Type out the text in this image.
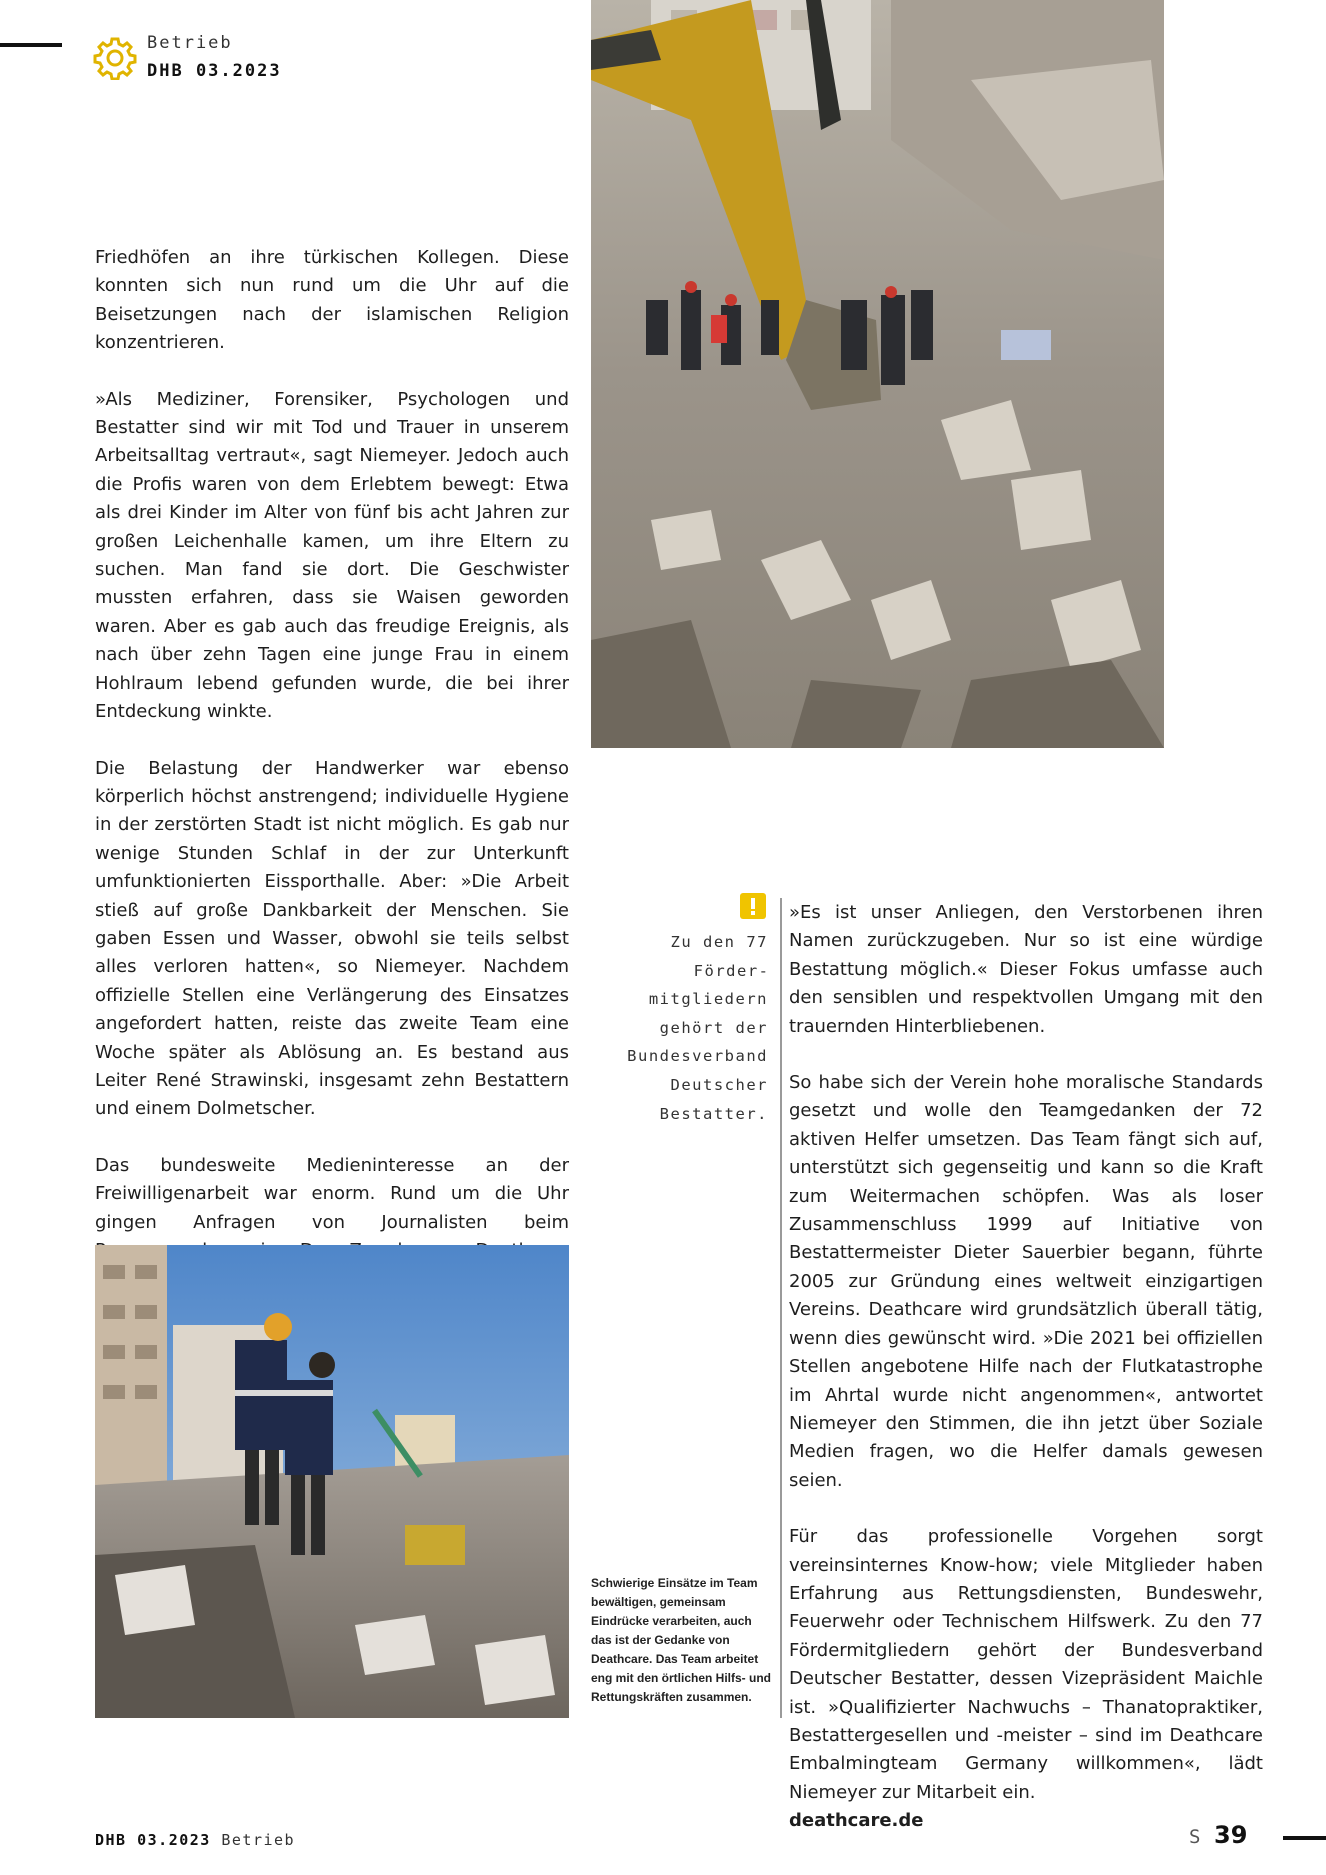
Betrieb
DHB 03.2023

Friedhöfen an ihre türkischen Kollegen. Diese konnten sich nun rund um die Uhr auf die Beisetzungen nach der islamischen Religion konzentrieren.

»Als Mediziner, Forensiker, Psychologen und Bestatter sind wir mit Tod und Trauer in unserem Arbeitsalltag vertraut«, sagt Niemeyer. Jedoch auch die Profis waren von dem Erlebtem bewegt: Etwa als drei Kinder im Alter von fünf bis acht Jahren zur großen Leichenhalle kamen, um ihre Eltern zu suchen. Man fand sie dort. Die Geschwister mussten erfahren, dass sie Waisen geworden waren. Aber es gab auch das freudige Ereignis, als nach über zehn Tagen eine junge Frau in einem Hohlraum lebend gefunden wurde, die bei ihrer Entdeckung winkte.

Die Belastung der Handwerker war ebenso körperlich höchst anstrengend; individuelle Hygiene in der zerstörten Stadt ist nicht möglich. Es gab nur wenige Stunden Schlaf in der zur Unterkunft umfunktionierten Eissporthalle. Aber: »Die Arbeit stieß auf große Dankbarkeit der Menschen. Sie gaben Essen und Wasser, obwohl sie teils selbst alles verloren hatten«, so Niemeyer. Nachdem offizielle Stellen eine Verlängerung des Einsatzes angefordert hatten, reiste das zweite Team eine Woche später als Ablösung an. Es bestand aus Leiter René Strawinski, insgesamt zehn Bestattern und einem Dolmetscher.

Das bundesweite Medieninteresse an der Freiwilligenarbeit war enorm. Rund um die Uhr gingen Anfragen von Journalisten beim

Zu den 77 Fördermitgliedern gehört der Bundesverband Deutscher Bestatter.

»Es ist unser Anliegen, den Verstorbenen ihren Namen zurückzugeben. Nur so ist eine würdige Bestattung möglich.« Dieser Fokus umfasse auch den sensiblen und respektvollen Umgang mit den trauernden Hinterbliebenen.

So habe sich der Verein hohe moralische Standards gesetzt und wolle den Teamgedanken der 72 aktiven Helfer umsetzen. Das Team fängt sich auf, unterstützt sich gegenseitig und kann so die Kraft zum Weitermachen schöpfen. Was als loser Zusammenschluss 1999 auf Initiative von Bestattermeister Dieter Sauerbier begann, führte 2005 zur Gründung eines weltweit einzigartigen Vereins. Deathcare wird grundsätzlich überall tätig, wenn dies gewünscht wird. »Die 2021 bei offiziellen Stellen angebotene Hilfe nach der Flutkatastrophe im Ahrtal wurde nicht angenommen«, antwortet Niemeyer den Stimmen, die ihn jetzt über Soziale Medien fragen, wo die Helfer damals gewesen seien.

Für das professionelle Vorgehen sorgt vereinsinternes Know-how; viele Mitglieder haben Erfahrung aus Rettungsdiensten, Bundeswehr, Feuerwehr oder Technischem Hilfswerk. Zu den 77 Fördermitgliedern gehört der Bundesverband Deutscher Bestatter, dessen Vizepräsident Maichle ist. »Qualifizierter Nachwuchs – Thanatopraktiker, Bestattergesellen und -meister – sind im Deathcare Embalmingteam Germany willkommen«, lädt Niemeyer zur Mitarbeit ein.

deathcare.de
Schwierige Einsätze im Team bewältigen, gemeinsam Eindrücke verarbeiten, auch das ist der Gedanke von Deathcare. Das Team arbeitet eng mit den örtlichen Hilfs- und Rettungskräften zusammen.
DHB 03.2023 Betrieb	S 39
